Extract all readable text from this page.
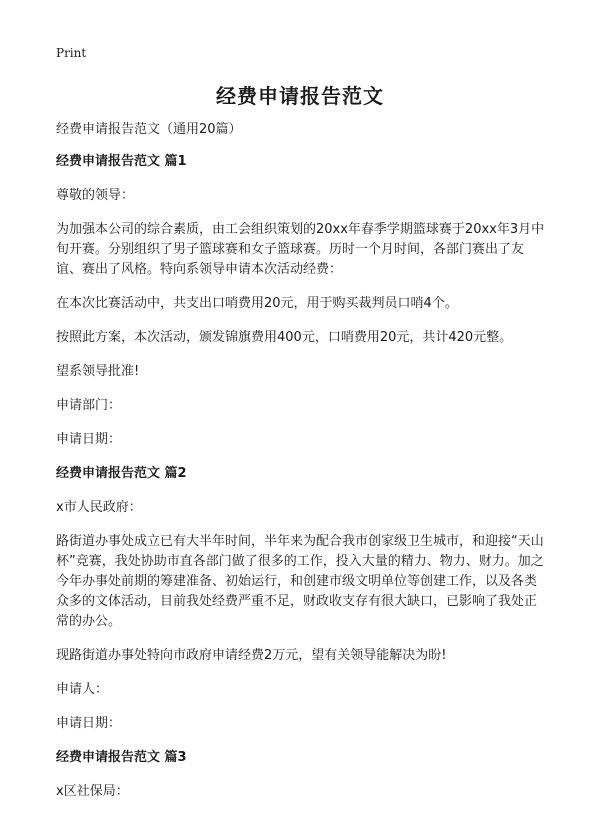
Print
经费申请报告范文

经费申请报告范文（通用20篇）

经费申请报告范文 篇1

尊敬的领导：

为加强本公司的综合素质，由工会组织策划的20xx年春季学期篮球赛于20xx年3月中旬开赛。分别组织了男子篮球赛和女子篮球赛。历时一个月时间，各部门赛出了友谊、赛出了风格。特向系领导申请本次活动经费：

在本次比赛活动中，共支出口哨费用20元，用于购买裁判员口哨4个。

按照此方案，本次活动，颁发锦旗费用400元，口哨费用20元，共计420元整。

望系领导批准!

申请部门：

申请日期：

经费申请报告范文 篇2

x市人民政府：

路街道办事处成立已有大半年时间，半年来为配合我市创家级卫生城市，和迎接“天山杯”竞赛，我处协助市直各部门做了很多的工作，投入大量的精力、物力、财力。加之今年办事处前期的筹建准备、初始运行，和创建市级文明单位等创建工作，以及各类众多的文体活动，目前我处经费严重不足，财政收支存有很大缺口，已影响了我处正常的办公。

现路街道办事处特向市政府申请经费2万元，望有关领导能解决为盼!

申请人：

申请日期：

经费申请报告范文 篇3

x区社保局：
